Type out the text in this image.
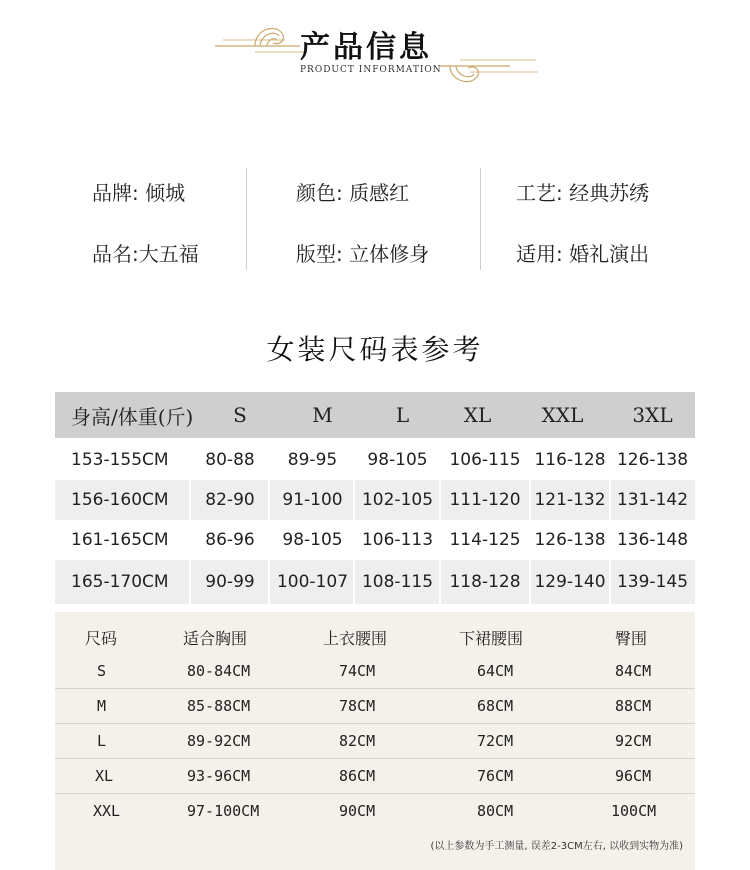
产品信息
PRODUCT INFORMATION
品牌: 倾城
品名:大五福
颜色: 质感红
版型: 立体修身
工艺: 经典苏绣
适用: 婚礼演出
女装尺码表参考
身高/体重(斤)	S	M	L	XL	XXL	3XL
153-155CM	80-88	89-95	98-105	106-115 116-128 126-138
156-160CM	82-90	91-100	102-105 111-120 121-132 131-142
161-165CM	86-96	98-105	106-113 114-125 126-138 136-148
165-170CM	90-99	100-107 108-115 118-128 129-140 139-145
尺码	适合胸围	上衣腰围	下裙腰围	臀围
S	80-84CM	74CM	64CM	84CM
M	85-88CM	78CM	68CM	88CM
L	89-92CM	82CM	72CM	92CM
XL	93-96CM	86CM	76CM	96CM
XXL	97-100CM	90CM	80CM	100CM
(以上参数为手工测量, 误差2-3CM左右, 以收到实物为准)
